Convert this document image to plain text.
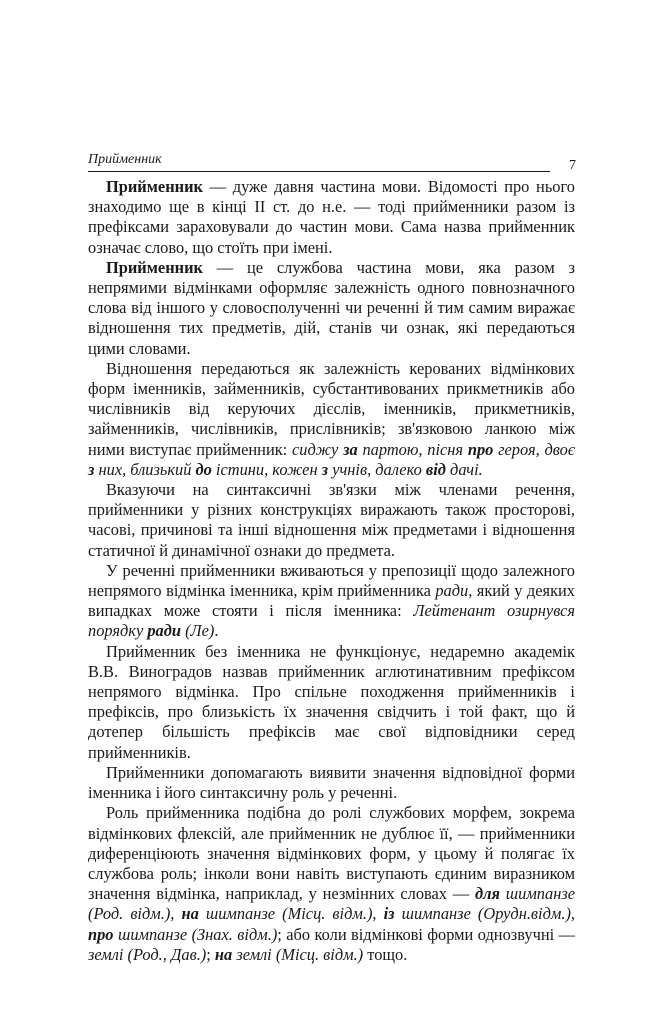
Прийменник	7

Прийменник — дуже давня частина мови. Відомості про нього знаходимо ще в кінці II ст. до н.е. — тоді прийменники разом із префіксами зараховували до частин мови. Сама назва прийменник означає слово, що стоїть при імені.

Прийменник — це службова частина мови, яка разом з непрямими відмінками оформляє залежність одного повнозначного слова від іншого у словосполученні чи реченні й тим самим виражає відношення тих предметів, дій, станів чи ознак, які передаються цими словами.

Відношення передаються як залежність керованих відмінкових форм іменників, займенників, субстантивованих прикметників або числівників від керуючих дієслів, іменників, прикметників, займенників, числівників, прислівників; зв'язковою ланкою між ними виступає прийменник: сиджу за партою, пісня про героя, двоє з них, близький до істини, кожен з учнів, далеко від дачі.

Вказуючи на синтаксичні зв'язки між членами речення, прийменники у різних конструкціях виражають також просторові, часові, причинові та інші відношення між предметами і відношення статичної й динамічної ознаки до предмета.

У реченні прийменники вживаються у препозиції щодо залежного непрямого відмінка іменника, крім прийменника ради, який у деяких випадках може стояти і після іменника: Лейтенант озирнувся порядку ради (Ле).

Прийменник без іменника не функціонує, недаремно академік В.В. Виноградов назвав прийменник аглютинативним префіксом непрямого відмінка. Про спільне походження прийменників і префіксів, про близькість їх значення свідчить і той факт, що й дотепер більшість префіксів має свої відповідники серед прийменників.

Прийменники допомагають виявити значення відповідної форми іменника і його синтаксичну роль у реченні.

Роль прийменника подібна до ролі службових морфем, зокрема відмінкових флексій, але прийменник не дублює її, — прийменники диференціюють значення відмінкових форм, у цьому й полягає їх службова роль; інколи вони навіть виступають єдиним виразником значення відмінка, наприклад, у незмінних словах — для шимпанзе (Род. відм.), на шимпанзе (Місц. відм.), із шимпанзе (Орудн.відм.), про шимпанзе (Знах. відм.); або коли відмінкові форми однозвучні — землі (Род., Дав.); на землі (Місц. відм.) тощо.
